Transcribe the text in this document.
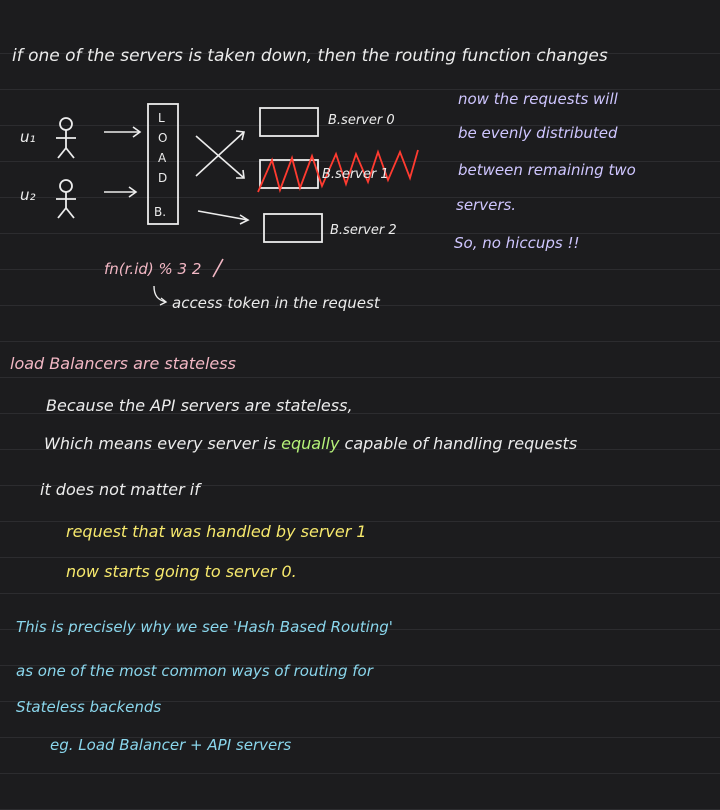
if one of the servers is taken down, then the routing function changes
u₁
u₂
L
O
A
D
B.
B.server 0
B.server 1
B.server 2
fn(r.id) % 3 2
access token in the request
now the requests will
be evenly distributed
between remaining two
servers.
So, no hiccups !!
load Balancers are stateless
Because the API servers are stateless,
Which means every server is equally capable of handling requests
it does not matter if
request that was handled by server 1
now starts going to server 0.
This is precisely why we see 'Hash Based Routing'
as one of the most common ways of routing for
Stateless backends
eg. Load Balancer + API servers
